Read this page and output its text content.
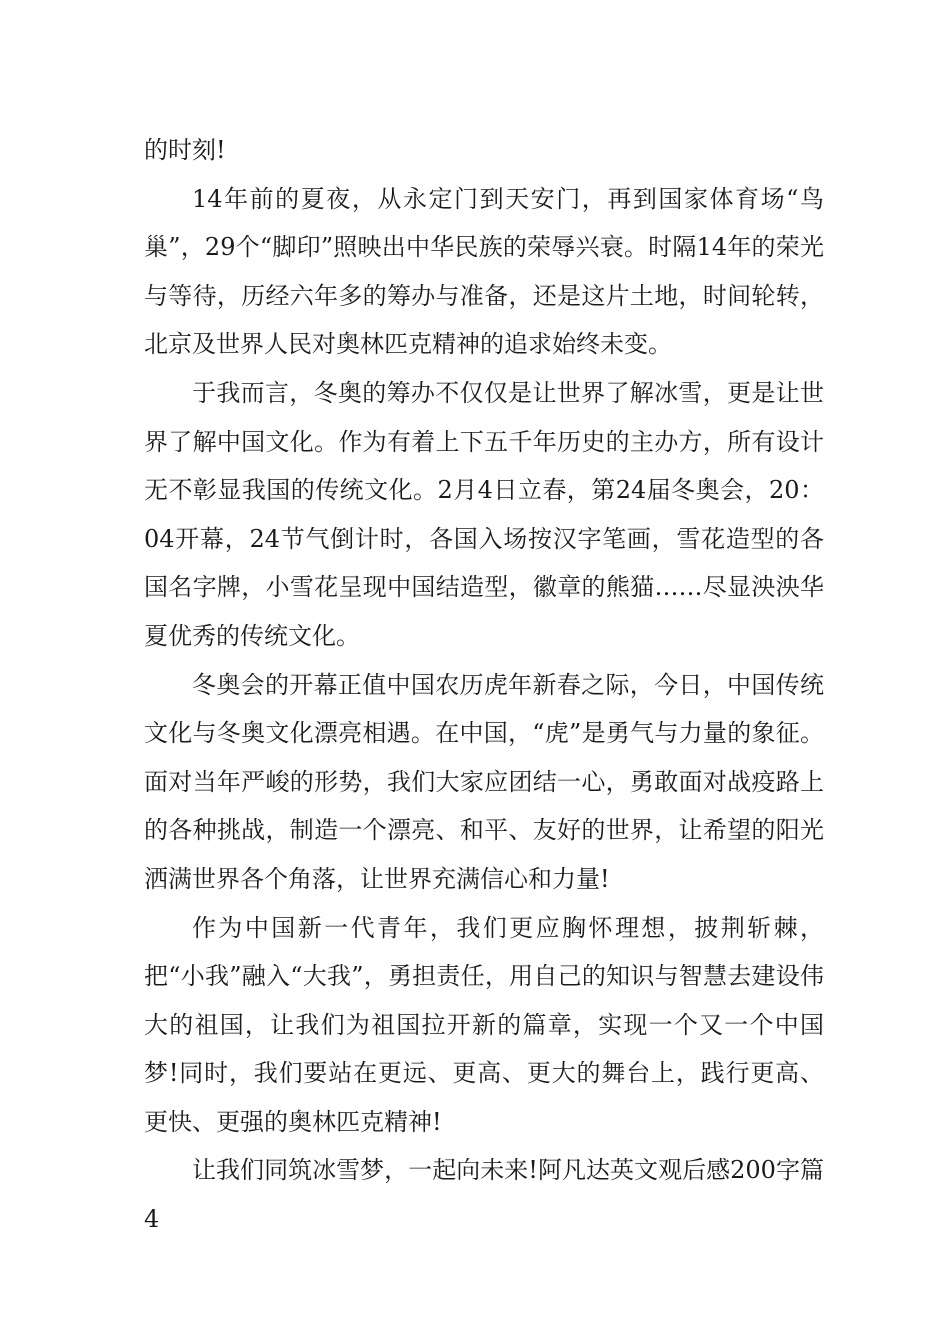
的时刻!

14年前的夏夜，从永定门到天安门，再到国家体育场“鸟巢”，29个“脚印”照映出中华民族的荣辱兴衰。时隔14年的荣光与等待，历经六年多的筹办与准备，还是这片土地，时间轮转，北京及世界人民对奥林匹克精神的追求始终未变。

于我而言，冬奥的筹办不仅仅是让世界了解冰雪，更是让世界了解中国文化。作为有着上下五千年历史的主办方，所有设计无不彰显我国的传统文化。2月4日立春，第24届冬奥会，20：04开幕，24节气倒计时，各国入场按汉字笔画，雪花造型的各国名字牌，小雪花呈现中国结造型，徽章的熊猫……尽显泱泱华夏优秀的传统文化。

冬奥会的开幕正值中国农历虎年新春之际，今日，中国传统文化与冬奥文化漂亮相遇。在中国，“虎”是勇气与力量的象征。面对当年严峻的形势，我们大家应团结一心，勇敢面对战疫路上的各种挑战，制造一个漂亮、和平、友好的世界，让希望的阳光洒满世界各个角落，让世界充满信心和力量!

作为中国新一代青年，我们更应胸怀理想，披荆斩棘，把“小我”融入“大我”，勇担责任，用自己的知识与智慧去建设伟大的祖国，让我们为祖国拉开新的篇章，实现一个又一个中国梦!同时，我们要站在更远、更高、更大的舞台上，践行更高、更快、更强的奥林匹克精神!

让我们同筑冰雪梦，一起向未来!阿凡达英文观后感200字篇4
